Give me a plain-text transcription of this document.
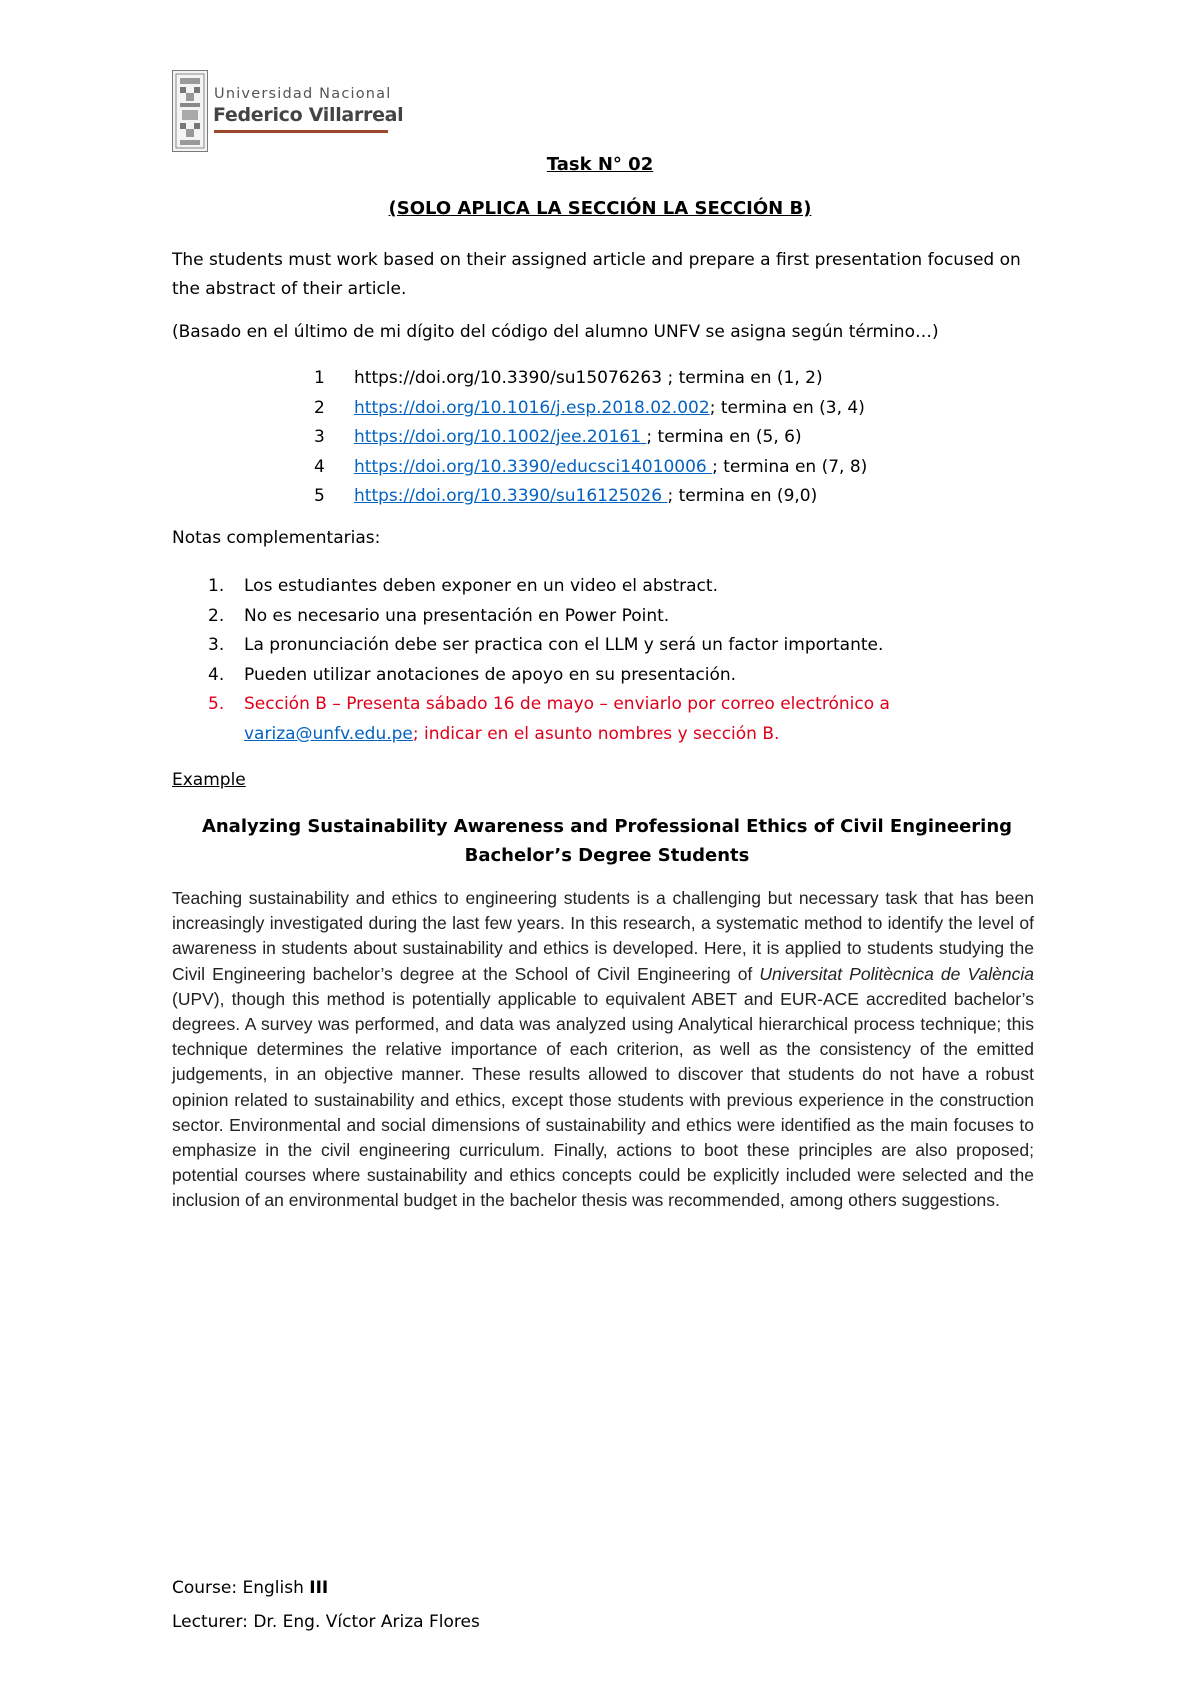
Universidad Nacional
Federico Villarreal
Task N° 02
(SOLO APLICA LA SECCIÓN LA SECCIÓN B)
The students must work based on their assigned article and prepare a first presentation focused on the abstract of their article.
(Basado en el último de mi dígito del código del alumno UNFV se asigna según término…)
1 https://doi.org/10.3390/su15076263 ; termina en (1, 2)
2 https://doi.org/10.1016/j.esp.2018.02.002; termina en (3, 4)
3 https://doi.org/10.1002/jee.20161 ; termina en (5, 6)
4 https://doi.org/10.3390/educsci14010006 ; termina en (7, 8)
5 https://doi.org/10.3390/su16125026 ; termina en (9,0)
Notas complementarias:
1. Los estudiantes deben exponer en un video el abstract.
2. No es necesario una presentación en Power Point.
3. La pronunciación debe ser practica con el LLM y será un factor importante.
4. Pueden utilizar anotaciones de apoyo en su presentación.
5. Sección B – Presenta sábado 16 de mayo – enviarlo por correo electrónico a variza@unfv.edu.pe; indicar en el asunto nombres y sección B.
Example
Analyzing Sustainability Awareness and Professional Ethics of Civil Engineering Bachelor’s Degree Students
Teaching sustainability and ethics to engineering students is a challenging but necessary task that has been increasingly investigated during the last few years. In this research, a systematic method to identify the level of awareness in students about sustainability and ethics is developed. Here, it is applied to students studying the Civil Engineering bachelor’s degree at the School of Civil Engineering of Universitat Politècnica de València (UPV), though this method is potentially applicable to equivalent ABET and EUR-ACE accredited bachelor’s degrees. A survey was performed, and data was analyzed using Analytical hierarchical process technique; this technique determines the relative importance of each criterion, as well as the consistency of the emitted judgements, in an objective manner. These results allowed to discover that students do not have a robust opinion related to sustainability and ethics, except those students with previous experience in the construction sector. Environmental and social dimensions of sustainability and ethics were identified as the main focuses to emphasize in the civil engineering curriculum. Finally, actions to boot these principles are also proposed; potential courses where sustainability and ethics concepts could be explicitly included were selected and the inclusion of an environmental budget in the bachelor thesis was recommended, among others suggestions.
Course: English III
Lecturer: Dr. Eng. Víctor Ariza Flores
